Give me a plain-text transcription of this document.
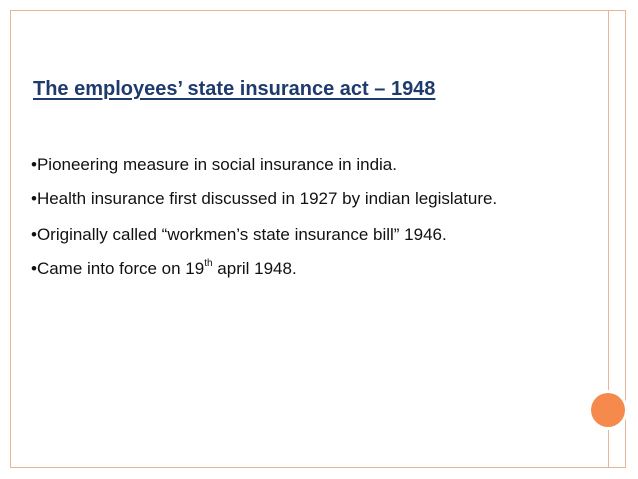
The employees’ state insurance act – 1948
•Pioneering measure in social insurance in india.
•Health insurance first discussed in 1927 by indian legislature.
•Originally called “workmen’s state insurance bill” 1946.
•Came into force on 19th april 1948.
